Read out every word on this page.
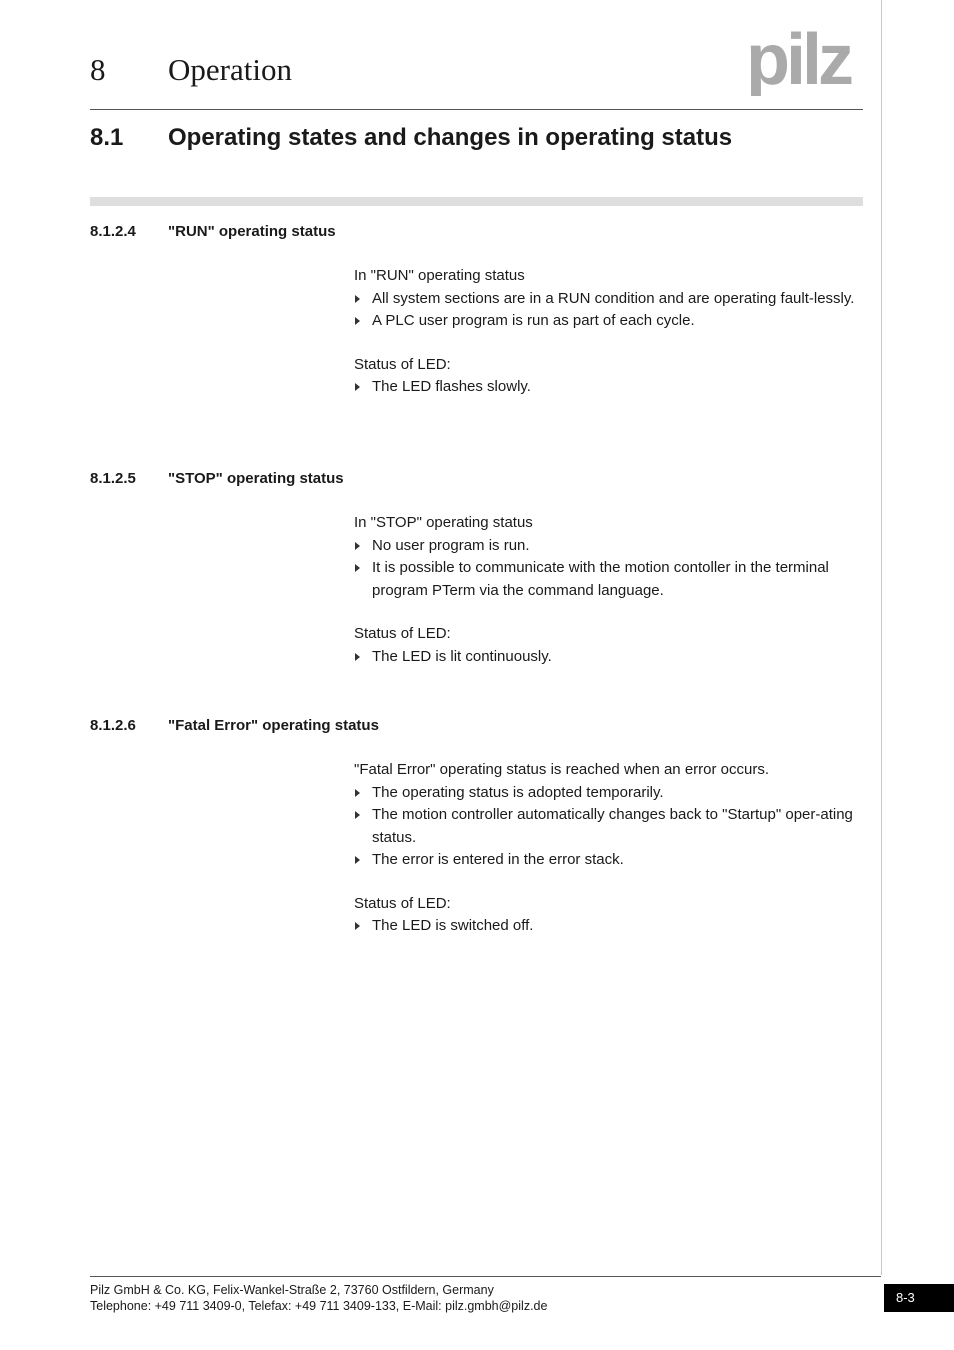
8 Operation	pilz
8.1 Operating states and changes in operating status
8.1.2.4 "RUN" operating status

In "RUN" operating status

All system sections are in a RUN condition and are operating fault-lessly.
A PLC user program is run as part of each cycle.

Status of LED:

The LED flashes slowly.
8.1.2.5 "STOP" operating status

In "STOP" operating status

No user program is run.
It is possible to communicate with the motion contoller in the terminal program PTerm via the command language.

Status of LED:

The LED is lit continuously.
8.1.2.6 "Fatal Error" operating status

"Fatal Error" operating status is reached when an error occurs.

The operating status is adopted temporarily.
The motion controller automatically changes back to "Startup" oper-ating status.
The error is entered in the error stack.

Status of LED:

The LED is switched off.
Pilz GmbH & Co. KG, Felix-Wankel-Straße 2, 73760 Ostfildern, Germany
Telephone: +49 711 3409-0, Telefax: +49 711 3409-133, E-Mail: pilz.gmbh@pilz.de
8-3
